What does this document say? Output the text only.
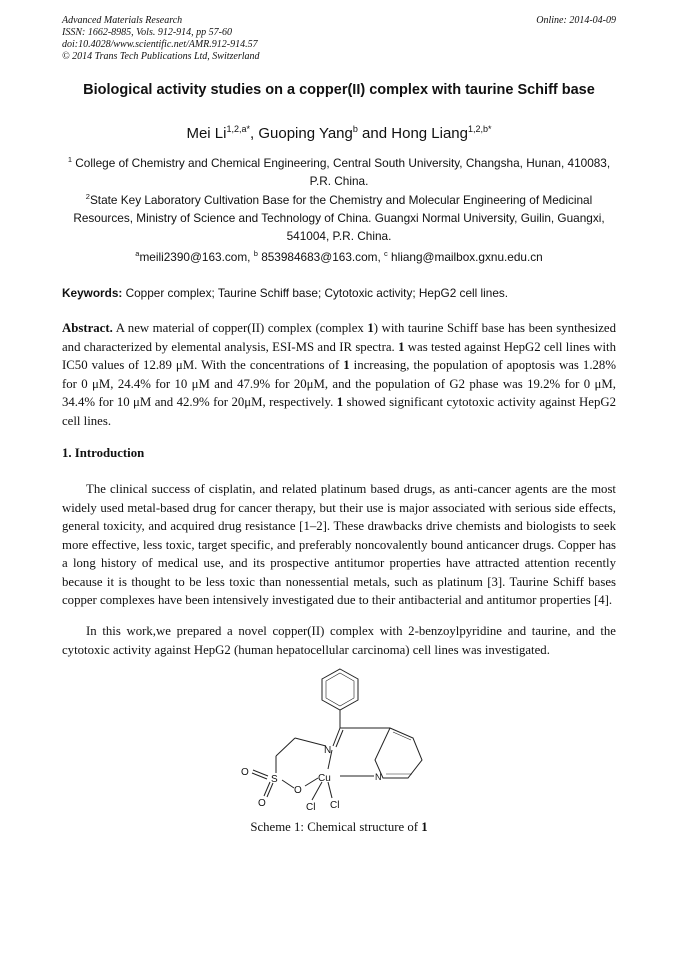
Advanced Materials Research
ISSN: 1662-8985, Vols. 912-914, pp 57-60
doi:10.4028/www.scientific.net/AMR.912-914.57
© 2014 Trans Tech Publications Ltd, Switzerland
Online: 2014-04-09
Biological activity studies on a copper(II) complex with taurine Schiff base
Mei $Li^{1,2,a*}$, Guoping Yang$^b$ and Hong Liang$^{1,2,b*}$
$^1$ College of Chemistry and Chemical Engineering, Central South University, Changsha, Hunan, 410083, P.R. China.
$^2$State Key Laboratory Cultivation Base for the Chemistry and Molecular Engineering of Medicinal Resources, Ministry of Science and Technology of China. Guangxi Normal University, Guilin, Guangxi, 541004, P.R. China.
$^a$meili2390@163.com, $^b$ 853984683@163.com, $^c$ hliang@mailbox.gxnu.edu.cn
Keywords: Copper complex; Taurine Schiff base; Cytotoxic activity; HepG2 cell lines.
Abstract. A new material of copper(II) complex (complex 1) with taurine Schiff base has been synthesized and characterized by elemental analysis, ESI-MS and IR spectra. 1 was tested against HepG2 cell lines with IC50 values of 12.89 μM. With the concentrations of 1 increasing, the population of apoptosis was 1.28% for 0 μM, 24.4% for 10 μM and 47.9% for 20μM, and the population of G2 phase was 19.2% for 0 μM, 34.4% for 10 μM and 42.9% for 20μM, respectively. 1 showed significant cytotoxic activity against HepG2 cell lines.
1. Introduction
The clinical success of cisplatin, and related platinum based drugs, as anti-cancer agents are the most widely used metal-based drug for cancer therapy, but their use is major associated with serious side effects, general toxicity, and acquired drug resistance [1–2]. These drawbacks drive chemists and biologists to seek more effective, less toxic, target specific, and preferably noncovalently bound anticancer drugs. Copper has a long history of medical use, and its prospective antitumor properties have attracted attention recently because it is thought to be less toxic than nonessential metals, such as platinum [3]. Taurine Schiff bases copper complexes have been intensively investigated due to their antibacterial and antitumor properties [4].
In this work,we prepared a novel copper(II) complex with 2-benzoylpyridine and taurine, and the cytotoxic activity against HepG2 (human hepatocellular carcinoma) cell lines was investigated.
N
N
Cu
S
O
O
O	Cl Cl
Scheme 1: Chemical structure of 1
